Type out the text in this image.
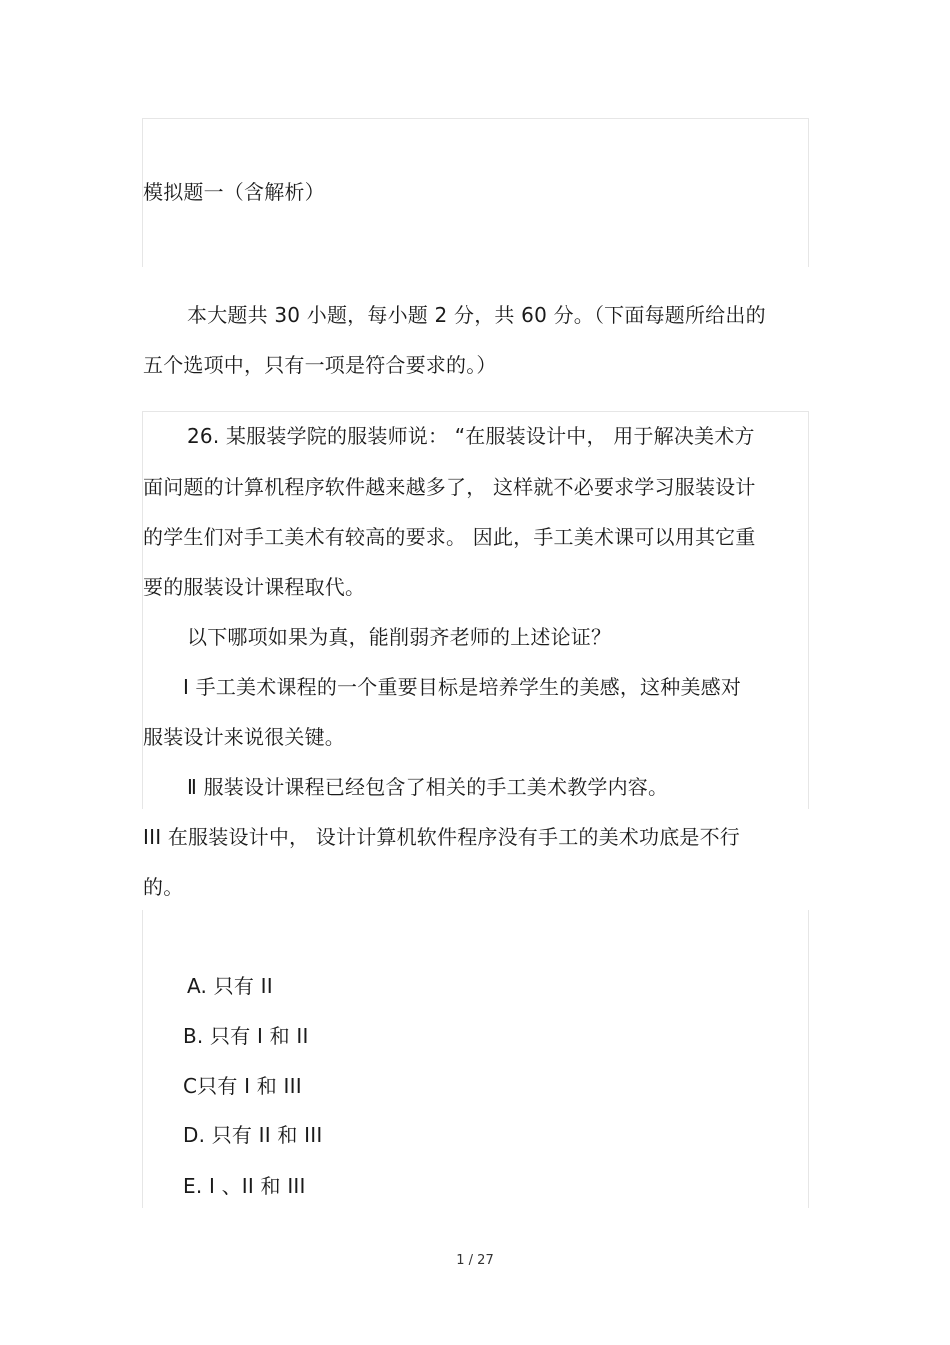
模拟题一（含解析）
本大题共 30 小题，每小题 2 分，共 60 分。（下面每题所给出的
五个选项中，只有一项是符合要求的。）
26. 某服装学院的服装师说： “在服装设计中， 用于解决美术方
面问题的计算机程序软件越来越多了， 这样就不必要求学习服装设计
的学生们对手工美术有较高的要求。 因此，手工美术课可以用其它重
要的服装设计课程取代。
以下哪项如果为真，能削弱齐老师的上述论证？
Ⅰ 手工美术课程的一个重要目标是培养学生的美感，这种美感对
服装设计来说很关键。
Ⅱ 服装设计课程已经包含了相关的手工美术教学内容。
III 在服装设计中， 设计计算机软件程序没有手工的美术功底是不行
的。
A. 只有 II
B. 只有 I 和 II
C只有 I 和 III
D. 只有 II 和 III
E. I 、II 和 III
1 / 27
